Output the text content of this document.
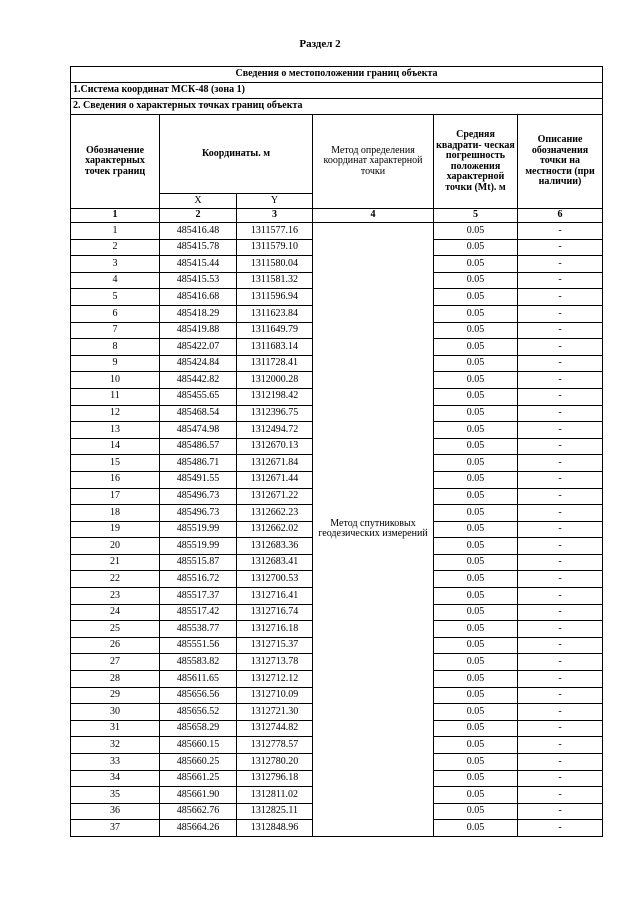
Раздел 2
Сведения о местоположении границ объекта					
1.Система координат МСК-48 (зона 1)					
2. Сведения о характерных точках границ объекта					
Обозначение характерных точек границ	Координаты. м		Метод определения координат характерной точки	Средняя квадрати- ческая погрешность положения характерной точки (Mt). м	Описание обозначения точки на местности (при наличии)
	X	Y			
1	2	3	4	5	6
1	485416.48	1311577.16	Метод спутниковых геодезических измерений	0.05	-
2	485415.78	1311579.10		0.05	-
3	485415.44	1311580.04		0.05	-
4	485415.53	1311581.32		0.05	-
5	485416.68	1311596.94		0.05	-
6	485418.29	1311623.84		0.05	-
7	485419.88	1311649.79		0.05	-
8	485422.07	1311683.14		0.05	-
9	485424.84	1311728.41		0.05	-
10	485442.82	1312000.28		0.05	-
11	485455.65	1312198.42		0.05	-
12	485468.54	1312396.75		0.05	-
13	485474.98	1312494.72		0.05	-
14	485486.57	1312670.13		0.05	-
15	485486.71	1312671.84		0.05	-
16	485491.55	1312671.44		0.05	-
17	485496.73	1312671.22		0.05	-
18	485496.73	1312662.23		0.05	-
19	485519.99	1312662.02		0.05	-
20	485519.99	1312683.36		0.05	-
21	485515.87	1312683.41		0.05	-
22	485516.72	1312700.53		0.05	-
23	485517.37	1312716.41		0.05	-
24	485517.42	1312716.74		0.05	-
25	485538.77	1312716.18		0.05	-
26	485551.56	1312715.37		0.05	-
27	485583.82	1312713.78		0.05	-
28	485611.65	1312712.12		0.05	-
29	485656.56	1312710.09		0.05	-
30	485656.52	1312721.30		0.05	-
31	485658.29	1312744.82		0.05	-
32	485660.15	1312778.57		0.05	-
33	485660.25	1312780.20		0.05	-
34	485661.25	1312796.18		0.05	-
35	485661.90	1312811.02		0.05	-
36	485662.76	1312825.11		0.05	-
37	485664.26	1312848.96		0.05	-
